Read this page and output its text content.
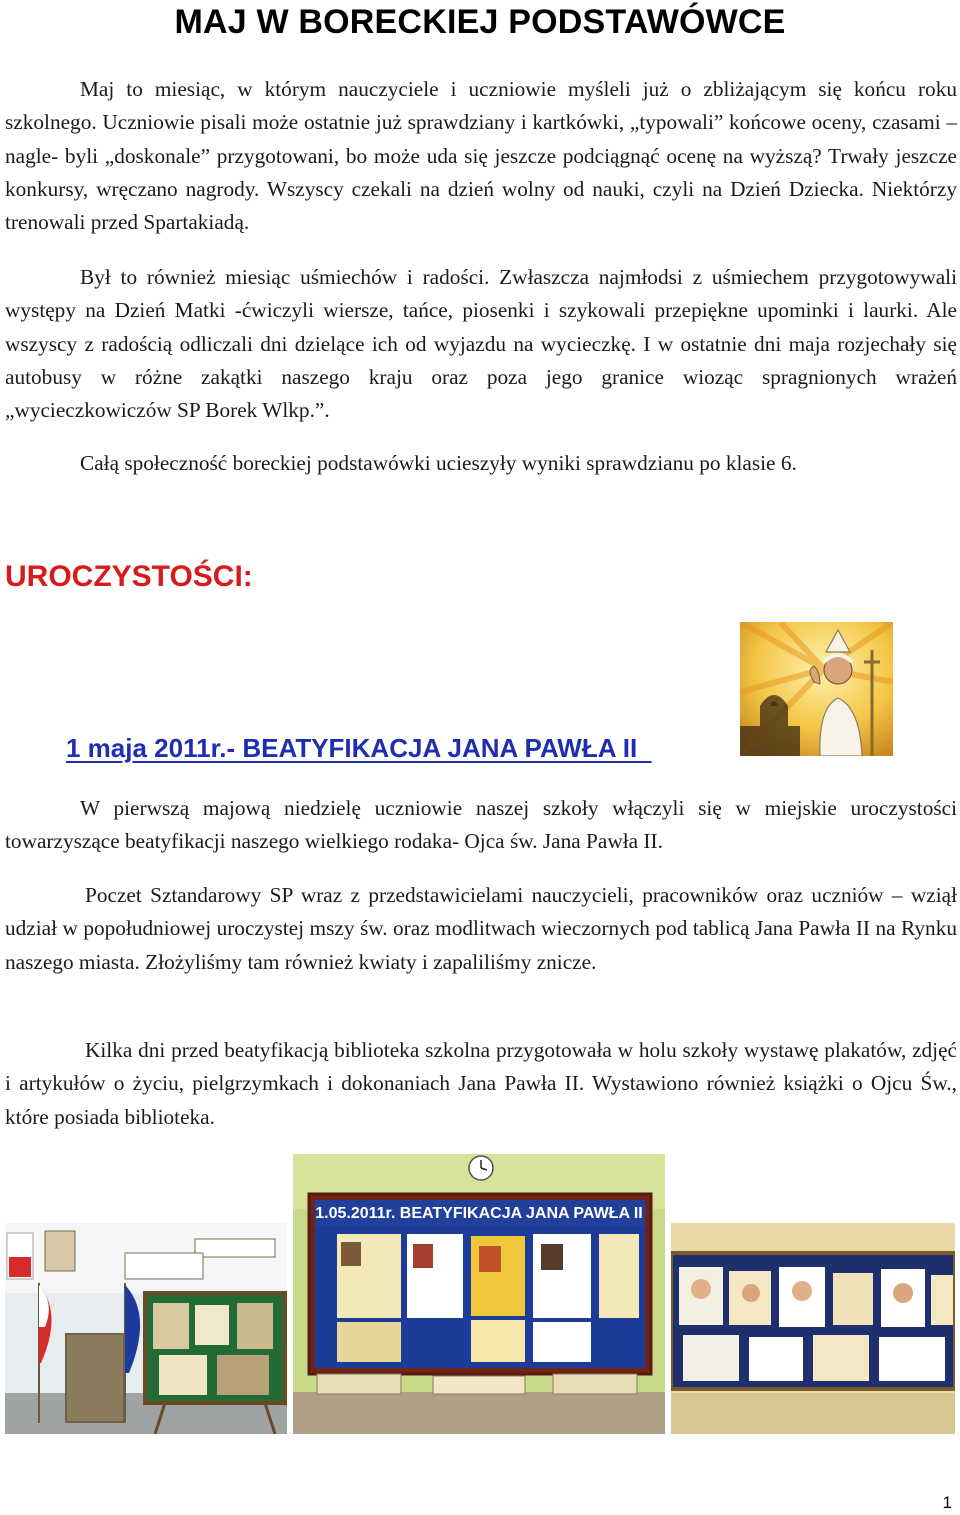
MAJ W BORECKIEJ PODSTAWÓWCE

Maj to miesiąc, w którym nauczyciele i uczniowie myśleli już o zbliżającym się końcu roku szkolnego. Uczniowie pisali może ostatnie już sprawdziany i kartkówki, „typowali” końcowe oceny, czasami – nagle- byli „doskonale” przygotowani, bo może uda się jeszcze podciągnąć ocenę na wyższą? Trwały jeszcze konkursy, wręczano nagrody. Wszyscy czekali na dzień wolny od nauki, czyli na Dzień Dziecka. Niektórzy trenowali przed Spartakiadą.

Był to również miesiąc uśmiechów i radości. Zwłaszcza najmłodsi z uśmiechem przygotowywali występy na Dzień Matki -ćwiczyli wiersze, tańce, piosenki i szykowali przepiękne upominki i laurki. Ale wszyscy z radością odliczali dni dzielące ich od wyjazdu na wycieczkę. I w ostatnie dni maja rozjechały się autobusy w różne zakątki naszego kraju oraz poza jego granice wioząc spragnionych wrażeń „wycieczkowiczów SP Borek Wlkp.”.

Całą społeczność boreckiej podstawówki ucieszyły wyniki sprawdzianu po klasie 6.

UROCZYSTOŚCI:
1 maja 2011r.- BEATYFIKACJA JANA PAWŁA II

W pierwszą majową niedzielę uczniowie naszej szkoły włączyli się w miejskie uroczystości towarzyszące beatyfikacji naszego wielkiego rodaka- Ojca św. Jana Pawła II.

Poczet Sztandarowy SP wraz z przedstawicielami nauczycieli, pracowników oraz uczniów – wziął udział w popołudniowej uroczystej mszy św. oraz modlitwach wieczornych pod tablicą Jana Pawła II na Rynku naszego miasta. Złożyliśmy tam również kwiaty i zapaliliśmy znicze.

Kilka dni przed beatyfikacją biblioteka szkolna przygotowała w holu szkoły wystawę plakatów, zdjęć i artykułów o życiu, pielgrzymkach i dokonaniach Jana Pawła II. Wystawiono również książki o Ojcu Św., które posiada biblioteka.

1.05.2011r. BEATYFIKACJA JANA PAWŁA II
1
